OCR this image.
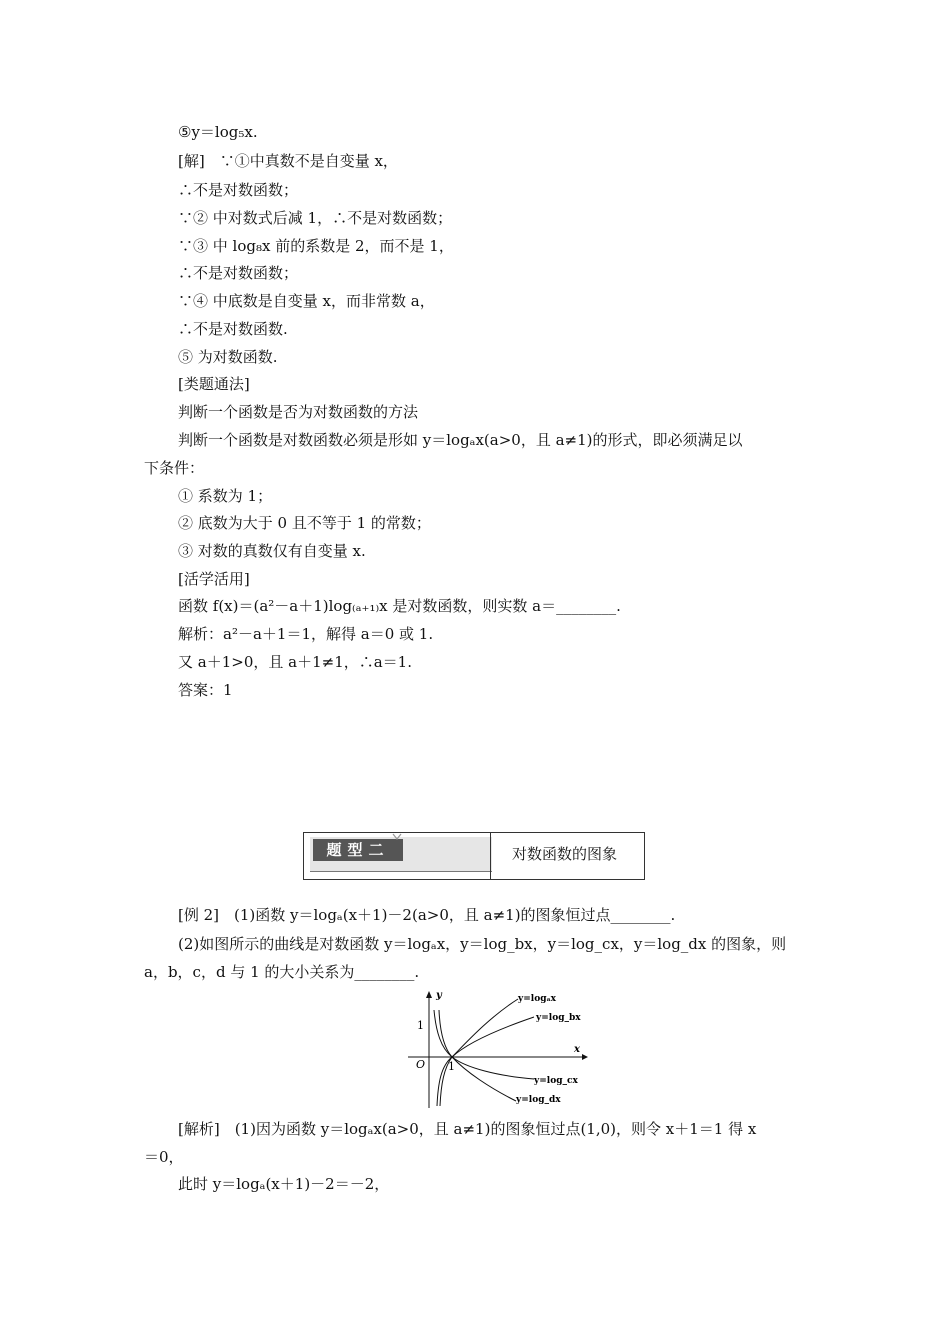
⑤y＝log₅x.
[解]　∵①中真数不是自变量 x，
∴不是对数函数；
∵② 中对数式后减 1，∴不是对数函数；
∵③ 中 log₈x 前的系数是 2，而不是 1，
∴不是对数函数；
∵④ 中底数是自变量 x，而非常数 a，
∴不是对数函数.
⑤ 为对数函数.
[类题通法]
判断一个函数是否为对数函数的方法
判断一个函数是对数函数必须是形如 y＝logₐx(a>0，且 a≠1)的形式，即必须满足以
下条件：
① 系数为 1；
② 底数为大于 0 且不等于 1 的常数；
③ 对数的真数仅有自变量 x.
[活学活用]
函数 f(x)＝(a²－a＋1)log₍ₐ₊₁₎x 是对数函数，则实数 a＝________.
解析：a²－a＋1＝1，解得 a＝0 或 1.
又 a＋1>0，且 a＋1≠1，∴a＝1.
答案：1
题型二	对数函数的图象
[例 2]　(1)函数 y＝logₐ(x＋1)－2(a>0，且 a≠1)的图象恒过点________.
(2)如图所示的曲线是对数函数 y＝logₐx，y＝log_bx，y＝log_cx，y＝log_dx 的图象，则
a，b，c，d 与 1 的大小关系为________.
y
x
O
1
1
y=logₐx
y=log_bx
y=log_cx
y=log_dx
[解析]　(1)因为函数 y＝logₐx(a>0，且 a≠1)的图象恒过点(1,0)，则令 x＋1＝1 得 x
＝0，
此时 y＝logₐ(x＋1)－2＝－2，
